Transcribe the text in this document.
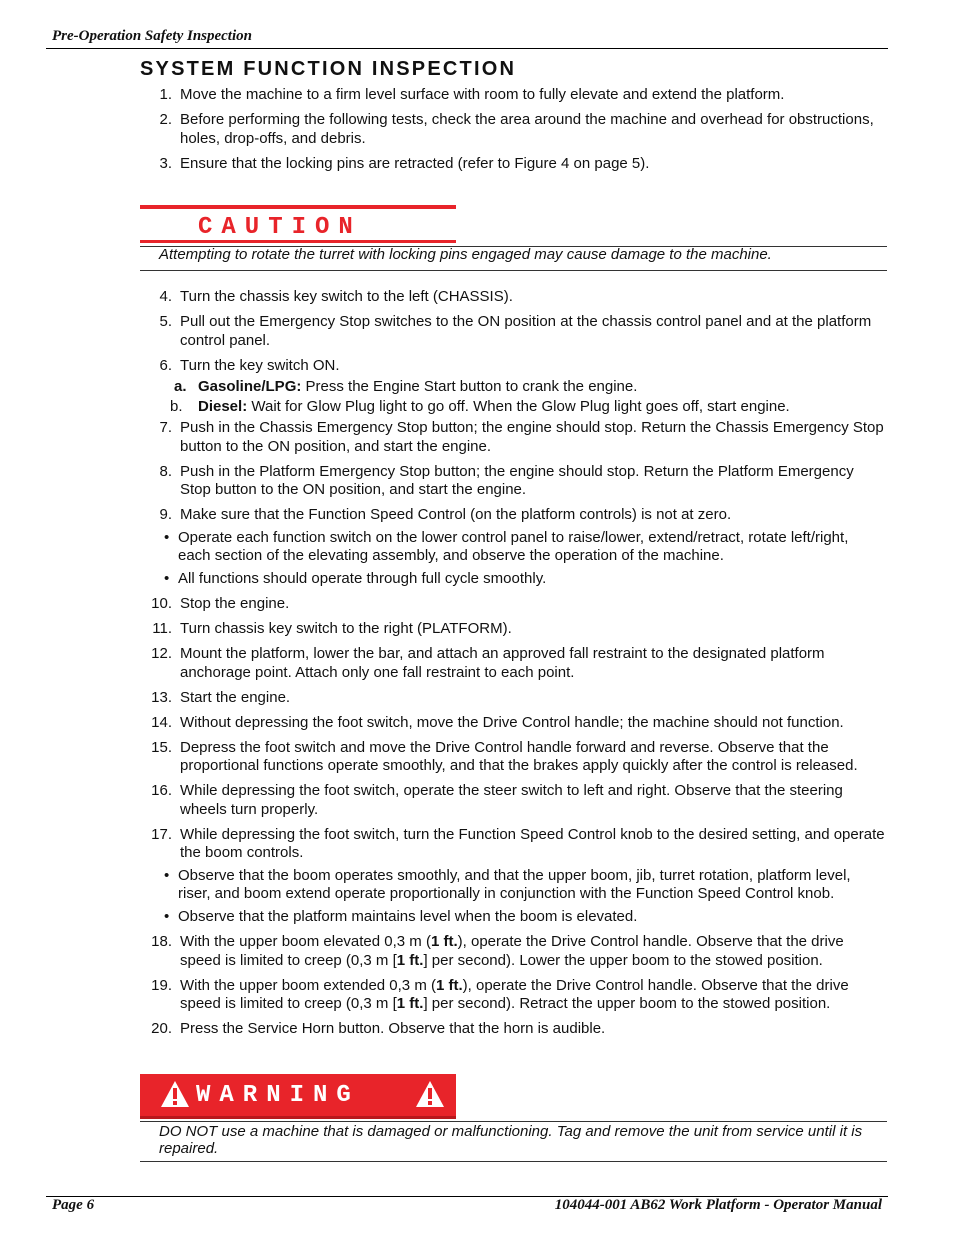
Pre-Operation Safety Inspection
SYSTEM FUNCTION INSPECTION
1. Move the machine to a firm level surface with room to fully elevate and extend the platform.
2. Before performing the following tests, check the area around the machine and overhead for obstructions, holes, drop-offs, and debris.
3. Ensure that the locking pins are retracted (refer to Figure 4 on page 5).
CAUTION
Attempting to rotate the turret with locking pins engaged may cause damage to the machine.
4. Turn the chassis key switch to the left (CHASSIS).
5. Pull out the Emergency Stop switches to the ON position at the chassis control panel and at the platform control panel.
6. Turn the key switch ON.
a. Gasoline/LPG: Press the Engine Start button to crank the engine.
b. Diesel: Wait for Glow Plug light to go off. When the Glow Plug light goes off, start engine.
7. Push in the Chassis Emergency Stop button; the engine should stop. Return the Chassis Emergency Stop button to the ON position, and start the engine.
8. Push in the Platform Emergency Stop button; the engine should stop. Return the Platform Emergency Stop button to the ON position, and start the engine.
9. Make sure that the Function Speed Control (on the platform controls) is not at zero.
• Operate each function switch on the lower control panel to raise/lower, extend/retract, rotate left/right, each section of the elevating assembly, and observe the operation of the machine.
• All functions should operate through full cycle smoothly.
10. Stop the engine.
11. Turn chassis key switch to the right (PLATFORM).
12. Mount the platform, lower the bar, and attach an approved fall restraint to the designated platform anchorage point. Attach only one fall restraint to each point.
13. Start the engine.
14. Without depressing the foot switch, move the Drive Control handle; the machine should not function.
15. Depress the foot switch and move the Drive Control handle forward and reverse. Observe that the proportional functions operate smoothly, and that the brakes apply quickly after the control is released.
16. While depressing the foot switch, operate the steer switch to left and right. Observe that the steering wheels turn properly.
17. While depressing the foot switch, turn the Function Speed Control knob to the desired setting, and operate the boom controls.
• Observe that the boom operates smoothly, and that the upper boom, jib, turret rotation, platform level, riser, and boom extend operate proportionally in conjunction with the Function Speed Control knob.
• Observe that the platform maintains level when the boom is elevated.
18. With the upper boom elevated 0,3 m (1 ft.), operate the Drive Control handle. Observe that the drive speed is limited to creep (0,3 m [1 ft.] per second). Lower the upper boom to the stowed position.
19. With the upper boom extended 0,3 m (1 ft.), operate the Drive Control handle. Observe that the drive speed is limited to creep (0,3 m [1 ft.] per second). Retract the upper boom to the stowed position.
20. Press the Service Horn button. Observe that the horn is audible.
WARNING
DO NOT use a machine that is damaged or malfunctioning. Tag and remove the unit from service until it is repaired.
Page 6	104044-001 AB62 Work Platform - Operator Manual
